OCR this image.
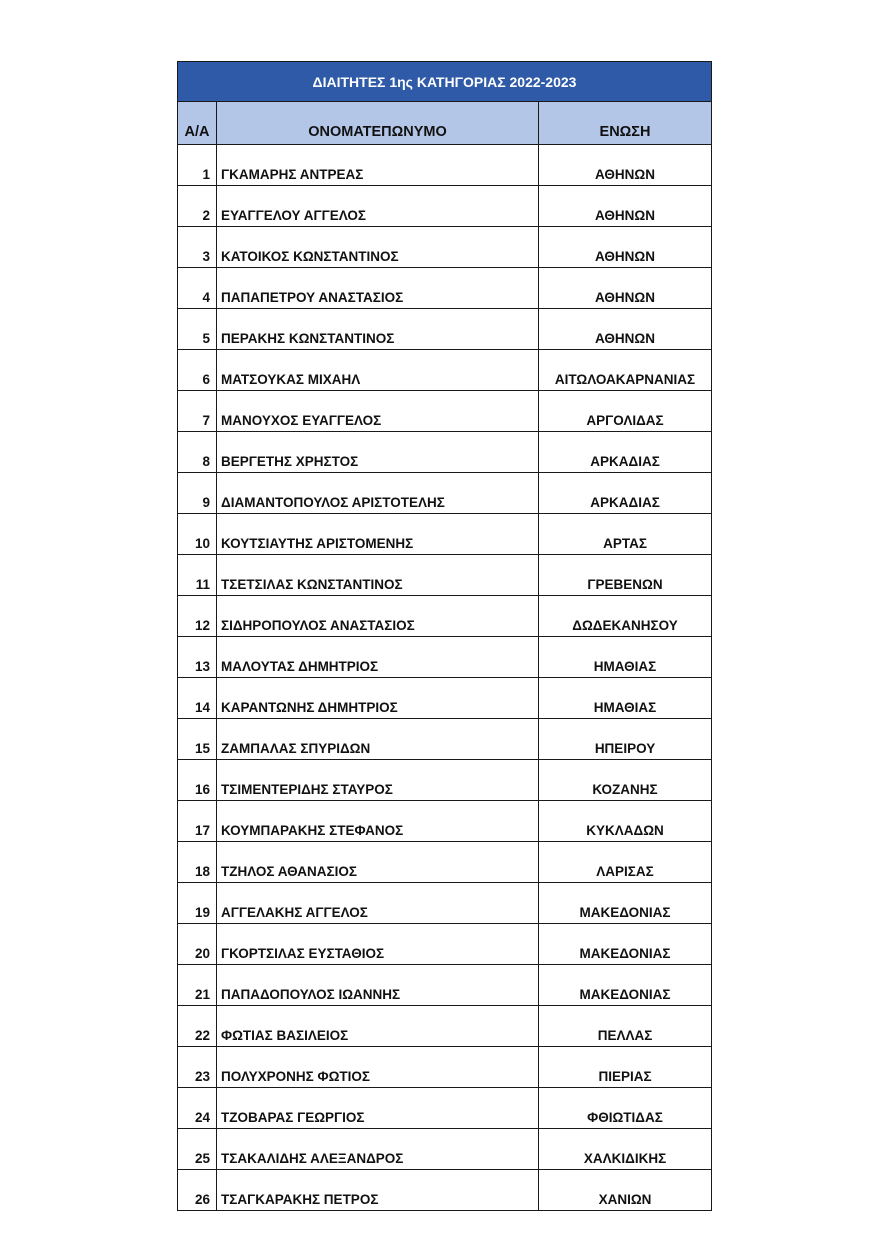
ΔΙΑΙΤΗΤΕΣ 1ης ΚΑΤΗΓΟΡΙΑΣ 2022-2023		
Α/Α	ΟΝΟΜΑΤΕΠΩΝΥΜΟ	ΕΝΩΣΗ
1	ΓΚΑΜΑΡΗΣ ΑΝΤΡΕΑΣ	ΑΘΗΝΩΝ
2	ΕΥΑΓΓΕΛΟΥ ΑΓΓΕΛΟΣ	ΑΘΗΝΩΝ
3	ΚΑΤΟΙΚΟΣ ΚΩΝΣΤΑΝΤΙΝΟΣ	ΑΘΗΝΩΝ
4	ΠΑΠΑΠΕΤΡΟΥ ΑΝΑΣΤΑΣΙΟΣ	ΑΘΗΝΩΝ
5	ΠΕΡΑΚΗΣ ΚΩΝΣΤΑΝΤΙΝΟΣ	ΑΘΗΝΩΝ
6	ΜΑΤΣΟΥΚΑΣ ΜΙΧΑΗΛ	ΑΙΤΩΛΟΑΚΑΡΝΑΝΙΑΣ
7	ΜΑΝΟΥΧΟΣ ΕΥΑΓΓΕΛΟΣ	ΑΡΓΟΛΙΔΑΣ
8	ΒΕΡΓΕΤΗΣ ΧΡΗΣΤΟΣ	ΑΡΚΑΔΙΑΣ
9	ΔΙΑΜΑΝΤΟΠΟΥΛΟΣ ΑΡΙΣΤΟΤΕΛΗΣ	ΑΡΚΑΔΙΑΣ
10	ΚΟΥΤΣΙΑΥΤΗΣ ΑΡΙΣΤΟΜΕΝΗΣ	ΑΡΤΑΣ
11	ΤΣΕΤΣΙΛΑΣ ΚΩΝΣΤΑΝΤΙΝΟΣ	ΓΡΕΒΕΝΩΝ
12	ΣΙΔΗΡΟΠΟΥΛΟΣ ΑΝΑΣΤΑΣΙΟΣ	ΔΩΔΕΚΑΝΗΣΟΥ
13	ΜΑΛΟΥΤΑΣ ΔΗΜΗΤΡΙΟΣ	ΗΜΑΘΙΑΣ
14	ΚΑΡΑΝΤΩΝΗΣ ΔΗΜΗΤΡΙΟΣ	ΗΜΑΘΙΑΣ
15	ΖΑΜΠΑΛΑΣ ΣΠΥΡΙΔΩΝ	ΗΠΕΙΡΟΥ
16	ΤΣΙΜΕΝΤΕΡΙΔΗΣ ΣΤΑΥΡΟΣ	ΚΟΖΑΝΗΣ
17	ΚΟΥΜΠΑΡΑΚΗΣ ΣΤΕΦΑΝΟΣ	ΚΥΚΛΑΔΩΝ
18	ΤΖΗΛΟΣ ΑΘΑΝΑΣΙΟΣ	ΛΑΡΙΣΑΣ
19	ΑΓΓΕΛΑΚΗΣ ΑΓΓΕΛΟΣ	ΜΑΚΕΔΟΝΙΑΣ
20	ΓΚΟΡΤΣΙΛΑΣ ΕΥΣΤΑΘΙΟΣ	ΜΑΚΕΔΟΝΙΑΣ
21	ΠΑΠΑΔΟΠΟΥΛΟΣ ΙΩΑΝΝΗΣ	ΜΑΚΕΔΟΝΙΑΣ
22	ΦΩΤΙΑΣ ΒΑΣΙΛΕΙΟΣ	ΠΕΛΛΑΣ
23	ΠΟΛΥΧΡΟΝΗΣ ΦΩΤΙΟΣ	ΠΙΕΡΙΑΣ
24	ΤΖΟΒΑΡΑΣ ΓΕΩΡΓΙΟΣ	ΦΘΙΩΤΙΔΑΣ
25	ΤΣΑΚΑΛΙΔΗΣ ΑΛΕΞΑΝΔΡΟΣ	ΧΑΛΚΙΔΙΚΗΣ
26	ΤΣΑΓΚΑΡΑΚΗΣ ΠΕΤΡΟΣ	ΧΑΝΙΩΝ
